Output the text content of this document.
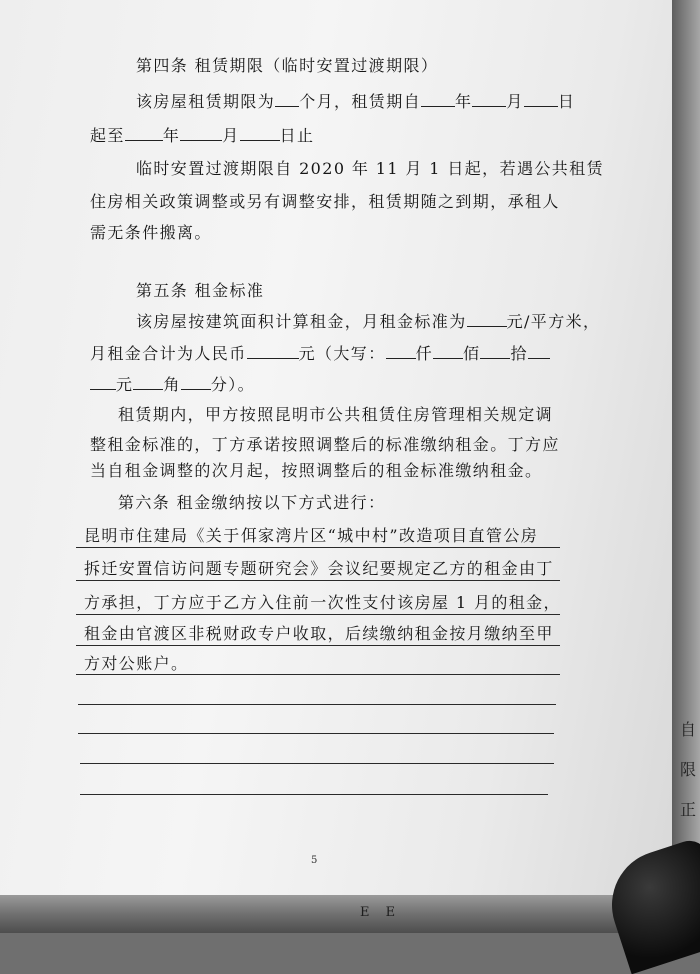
第四条 租赁期限（临时安置过渡期限）
该房屋租赁期限为 个月，租赁期自 年 月 日
起至 年	月	日止
临时安置过渡期限自 2020 年 11 月 1 日起，若遇公共租赁
住房相关政策调整或另有调整安排，租赁期随之到期，承租人
需无条件搬离。
第五条 租金标准
该房屋按建筑面积计算租金，月租金标准为	元/平方米，
月租金合计为人民币	元（大写： 仟 佰 拾
元 角 分）。
租赁期内，甲方按照昆明市公共租赁住房管理相关规定调
整租金标准的，丁方承诺按照调整后的标准缴纳租金。丁方应
当自租金调整的次月起，按照调整后的租金标准缴纳租金。
第六条 租金缴纳按以下方式进行：
昆明市住建局《关于佴家湾片区“城中村”改造项目直管公房
拆迁安置信访问题专题研究会》会议纪要规定乙方的租金由丁
方承担，丁方应于乙方入住前一次性支付该房屋 1 月的租金，
租金由官渡区非税财政专户收取，后续缴纳租金按月缴纳至甲
方对公账户。
5
自
限
正
E E
